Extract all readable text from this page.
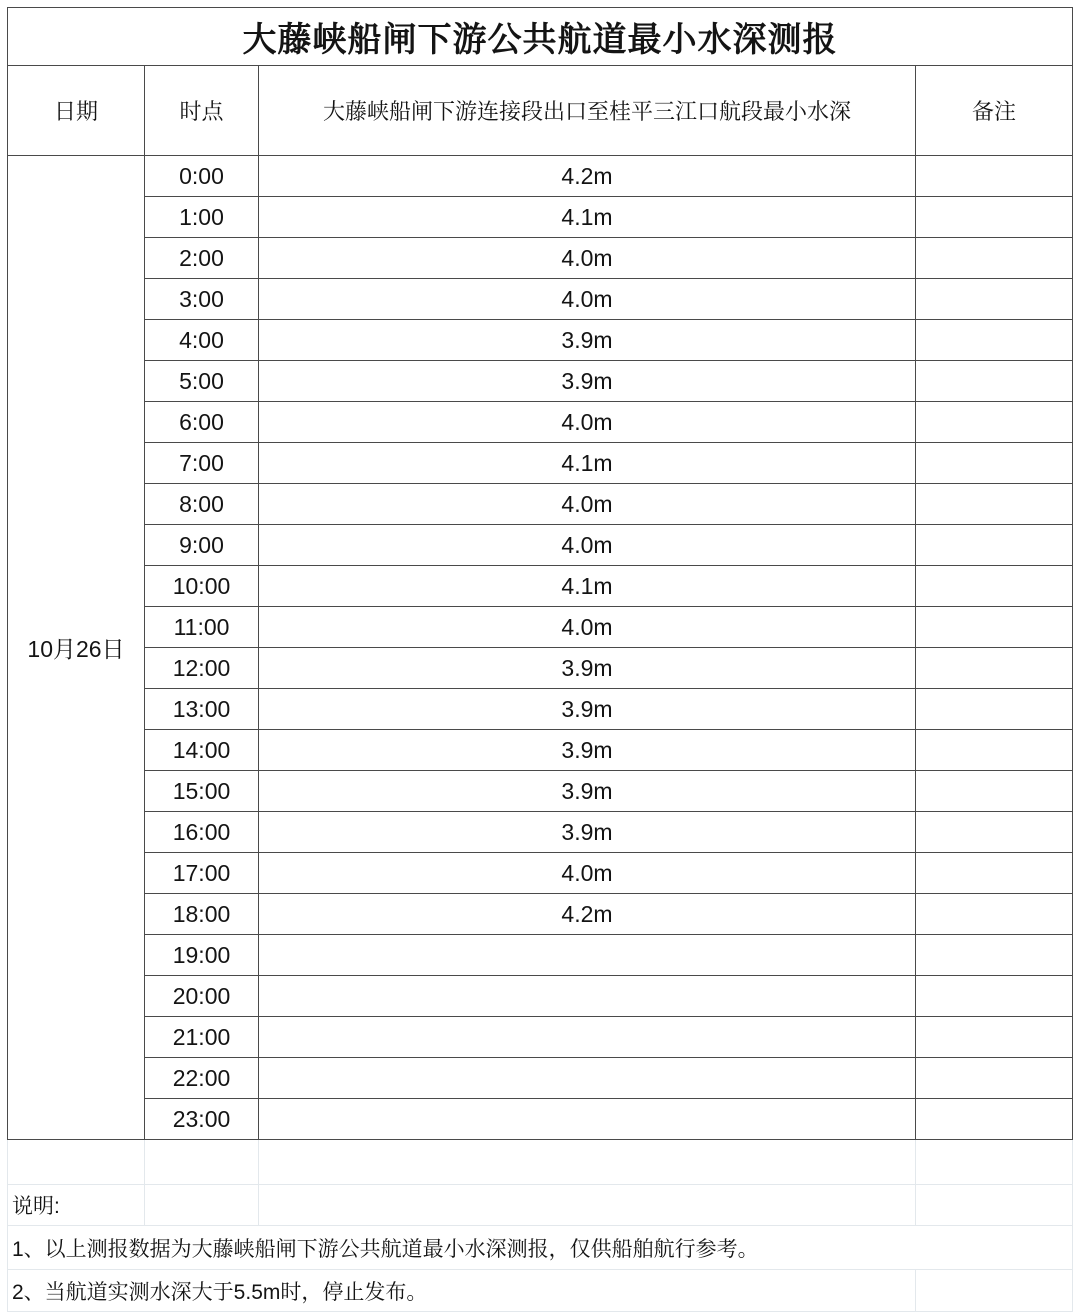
大藤峡船闸下游公共航道最小水深测报			
日期	时点	大藤峡船闸下游连接段出口至桂平三江口航段最小水深	备注
10月26日	0:00	4.2m	
	1:00	4.1m	
	2:00	4.0m	
	3:00	4.0m	
	4:00	3.9m	
	5:00	3.9m	
	6:00	4.0m	
	7:00	4.1m	
	8:00	4.0m	
	9:00	4.0m	
	10:00	4.1m	
	11:00	4.0m	
	12:00	3.9m	
	13:00	3.9m	
	14:00	3.9m	
	15:00	3.9m	
	16:00	3.9m	
	17:00	4.0m	
	18:00	4.2m	
	19:00		
	20:00		
	21:00		
	22:00		
	23:00		

说明:			
1、以上测报数据为大藤峡船闸下游公共航道最小水深测报，仅供船舶航行参考。			
2、当航道实测水深大于5.5m时，停止发布。			
